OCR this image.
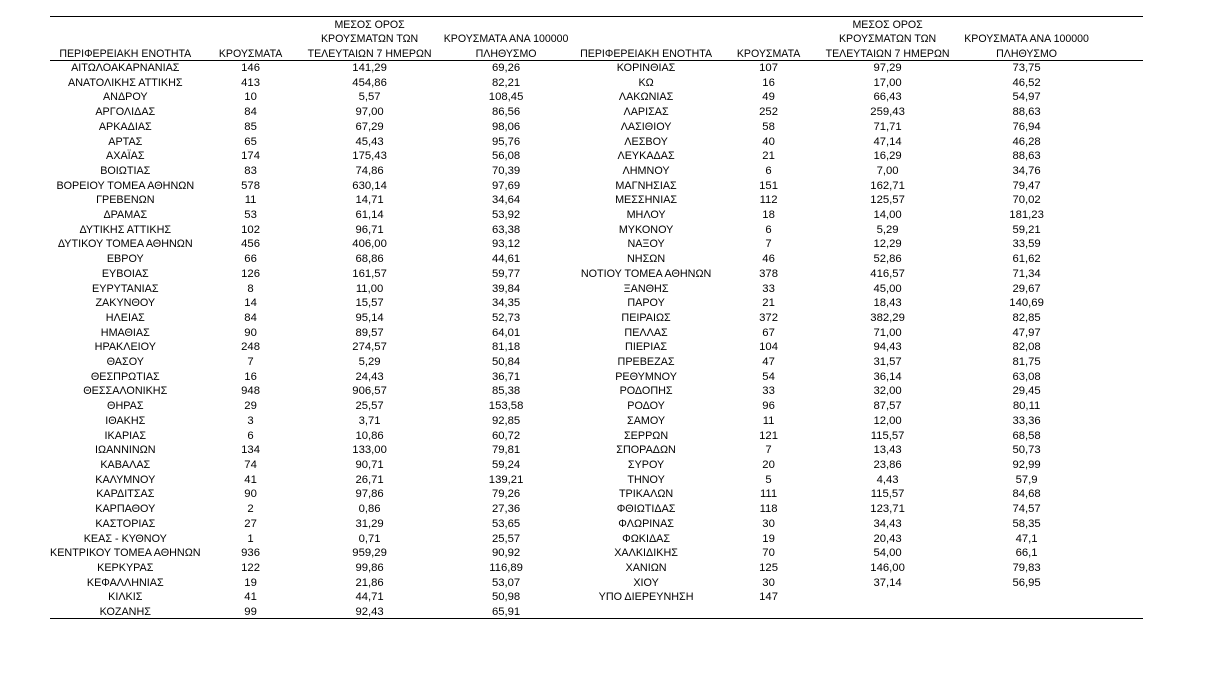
ΠΕΡΙΦΕΡΕΙΑΚΗ ΕΝΟΤΗΤΑ	ΚΡΟΥΣΜΑΤΑ	ΜΕΣΟΣ ΟΡΟΣ
ΚΡΟΥΣΜΑΤΩΝ ΤΩΝ
ΤΕΛΕΥΤΑΙΩΝ 7 ΗΜΕΡΩΝ	ΚΡΟΥΣΜΑΤΑ ΑΝΑ 100000
ΠΛΗΘΥΣΜΟ	ΠΕΡΙΦΕΡΕΙΑΚΗ ΕΝΟΤΗΤΑ	ΚΡΟΥΣΜΑΤΑ	ΜΕΣΟΣ ΟΡΟΣ
ΚΡΟΥΣΜΑΤΩΝ ΤΩΝ
ΤΕΛΕΥΤΑΙΩΝ 7 ΗΜΕΡΩΝ	ΚΡΟΥΣΜΑΤΑ ΑΝΑ 100000
ΠΛΗΘΥΣΜΟ
ΑΙΤΩΛΟΑΚΑΡΝΑΝΙΑΣ	146	141,29	69,26	ΚΟΡΙΝΘΙΑΣ	107	97,29	73,75
ΑΝΑΤΟΛΙΚΗΣ ΑΤΤΙΚΗΣ	413	454,86	82,21	ΚΩ	16	17,00	46,52
ΑΝΔΡΟΥ	10	5,57	108,45	ΛΑΚΩΝΙΑΣ	49	66,43	54,97
ΑΡΓΟΛΙΔΑΣ	84	97,00	86,56	ΛΑΡΙΣΑΣ	252	259,43	88,63
ΑΡΚΑΔΙΑΣ	85	67,29	98,06	ΛΑΣΙΘΙΟΥ	58	71,71	76,94
ΑΡΤΑΣ	65	45,43	95,76	ΛΕΣΒΟΥ	40	47,14	46,28
ΑΧΑΪΑΣ	174	175,43	56,08	ΛΕΥΚΑΔΑΣ	21	16,29	88,63
ΒΟΙΩΤΙΑΣ	83	74,86	70,39	ΛΗΜΝΟΥ	6	7,00	34,76
ΒΟΡΕΙΟΥ ΤΟΜΕΑ ΑΘΗΝΩΝ	578	630,14	97,69	ΜΑΓΝΗΣΙΑΣ	151	162,71	79,47
ΓΡΕΒΕΝΩΝ	11	14,71	34,64	ΜΕΣΣΗΝΙΑΣ	112	125,57	70,02
ΔΡΑΜΑΣ	53	61,14	53,92	ΜΗΛΟΥ	18	14,00	181,23
ΔΥΤΙΚΗΣ ΑΤΤΙΚΗΣ	102	96,71	63,38	ΜΥΚΟΝΟΥ	6	5,29	59,21
ΔΥΤΙΚΟΥ ΤΟΜΕΑ ΑΘΗΝΩΝ	456	406,00	93,12	ΝΑΞΟΥ	7	12,29	33,59
ΕΒΡΟΥ	66	68,86	44,61	ΝΗΣΩΝ	46	52,86	61,62
ΕΥΒΟΙΑΣ	126	161,57	59,77	ΝΟΤΙΟΥ ΤΟΜΕΑ ΑΘΗΝΩΝ	378	416,57	71,34
ΕΥΡΥΤΑΝΙΑΣ	8	11,00	39,84	ΞΑΝΘΗΣ	33	45,00	29,67
ΖΑΚΥΝΘΟΥ	14	15,57	34,35	ΠΑΡΟΥ	21	18,43	140,69
ΗΛΕΙΑΣ	84	95,14	52,73	ΠΕΙΡΑΙΩΣ	372	382,29	82,85
ΗΜΑΘΙΑΣ	90	89,57	64,01	ΠΕΛΛΑΣ	67	71,00	47,97
ΗΡΑΚΛΕΙΟΥ	248	274,57	81,18	ΠΙΕΡΙΑΣ	104	94,43	82,08
ΘΑΣΟΥ	7	5,29	50,84	ΠΡΕΒΕΖΑΣ	47	31,57	81,75
ΘΕΣΠΡΩΤΙΑΣ	16	24,43	36,71	ΡΕΘΥΜΝΟΥ	54	36,14	63,08
ΘΕΣΣΑΛΟΝΙΚΗΣ	948	906,57	85,38	ΡΟΔΟΠΗΣ	33	32,00	29,45
ΘΗΡΑΣ	29	25,57	153,58	ΡΟΔΟΥ	96	87,57	80,11
ΙΘΑΚΗΣ	3	3,71	92,85	ΣΑΜΟΥ	11	12,00	33,36
ΙΚΑΡΙΑΣ	6	10,86	60,72	ΣΕΡΡΩΝ	121	115,57	68,58
ΙΩΑΝΝΙΝΩΝ	134	133,00	79,81	ΣΠΟΡΑΔΩΝ	7	13,43	50,73
ΚΑΒΑΛΑΣ	74	90,71	59,24	ΣΥΡΟΥ	20	23,86	92,99
ΚΑΛΥΜΝΟΥ	41	26,71	139,21	ΤΗΝΟΥ	5	4,43	57,9
ΚΑΡΔΙΤΣΑΣ	90	97,86	79,26	ΤΡΙΚΑΛΩΝ	111	115,57	84,68
ΚΑΡΠΑΘΟΥ	2	0,86	27,36	ΦΘΙΩΤΙΔΑΣ	118	123,71	74,57
ΚΑΣΤΟΡΙΑΣ	27	31,29	53,65	ΦΛΩΡΙΝΑΣ	30	34,43	58,35
ΚΕΑΣ - ΚΥΘΝΟΥ	1	0,71	25,57	ΦΩΚΙΔΑΣ	19	20,43	47,1
ΚΕΝΤΡΙΚΟΥ ΤΟΜΕΑ ΑΘΗΝΩΝ	936	959,29	90,92	ΧΑΛΚΙΔΙΚΗΣ	70	54,00	66,1
ΚΕΡΚΥΡΑΣ	122	99,86	116,89	ΧΑΝΙΩΝ	125	146,00	79,83
ΚΕΦΑΛΛΗΝΙΑΣ	19	21,86	53,07	ΧΙΟΥ	30	37,14	56,95
ΚΙΛΚΙΣ	41	44,71	50,98	ΥΠΟ ΔΙΕΡΕΥΝΗΣΗ	147		
ΚΟΖΑΝΗΣ	99	92,43	65,91				
